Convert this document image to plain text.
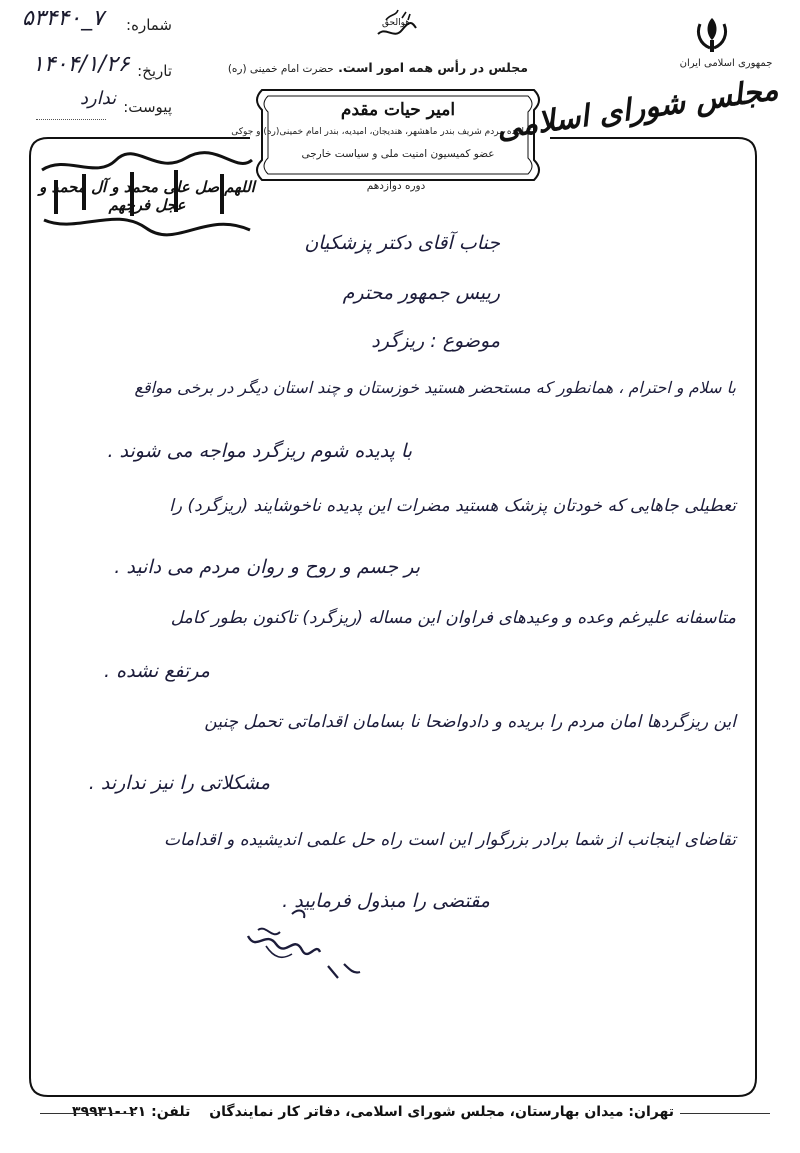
شماره:
۵۳۴۴۰_۷
تاریخ:
۱۴۰۴/۱/۲۶
پیوست:
ندارد
هوالحق
مجلس در رأس همه امور است. حضرت امام خمینی (ره)
امیر حیات مقدم
نماینده مردم شریف بندر ماهشهر، هندیجان، امیدیه، بندر امام خمینی(ره) و جوکی
عضو کمیسیون امنیت ملی و سیاست خارجی
دوره دوازدهم
جمهوری اسلامی ایران
مجلس شورای اسلامی
اللهم صل علی محمد و آل محمد و عجل فرجهم
جناب آقای دکتر پزشکیان
رییس جمهور محترم
موضوع : ریزگرد
با سلام و احترام ، همانطور که مستحضر هستید خوزستان و چند استان دیگر در برخی مواقع
با پدیده شوم ریزگرد مواجه می شوند .
تعطیلی جاهایی که خودتان پزشک هستید مضرات این پدیده ناخوشایند (ریزگرد) را
بر جسم و روح و روان مردم می دانید .
متاسفانه علیرغم وعده و وعیدهای فراوان این مساله (ریزگرد) تاکنون بطور کامل
مرتفع نشده .
این ریزگردها امان مردم را بریده و دادواضحا نا بسامان اقداماتی تحمل چنین
مشکلاتی را نیز ندارند .
تقاضای اینجانب از شما برادر بزرگوار این است راه حل علمی اندیشیده و اقدامات
مقتضی را مبذول فرمایید .
تهران: میدان بهارستان، مجلس شورای اسلامی، دفاتر کار نمایندگان تلفن: ۰۲۱-۳۹۹۳۱
